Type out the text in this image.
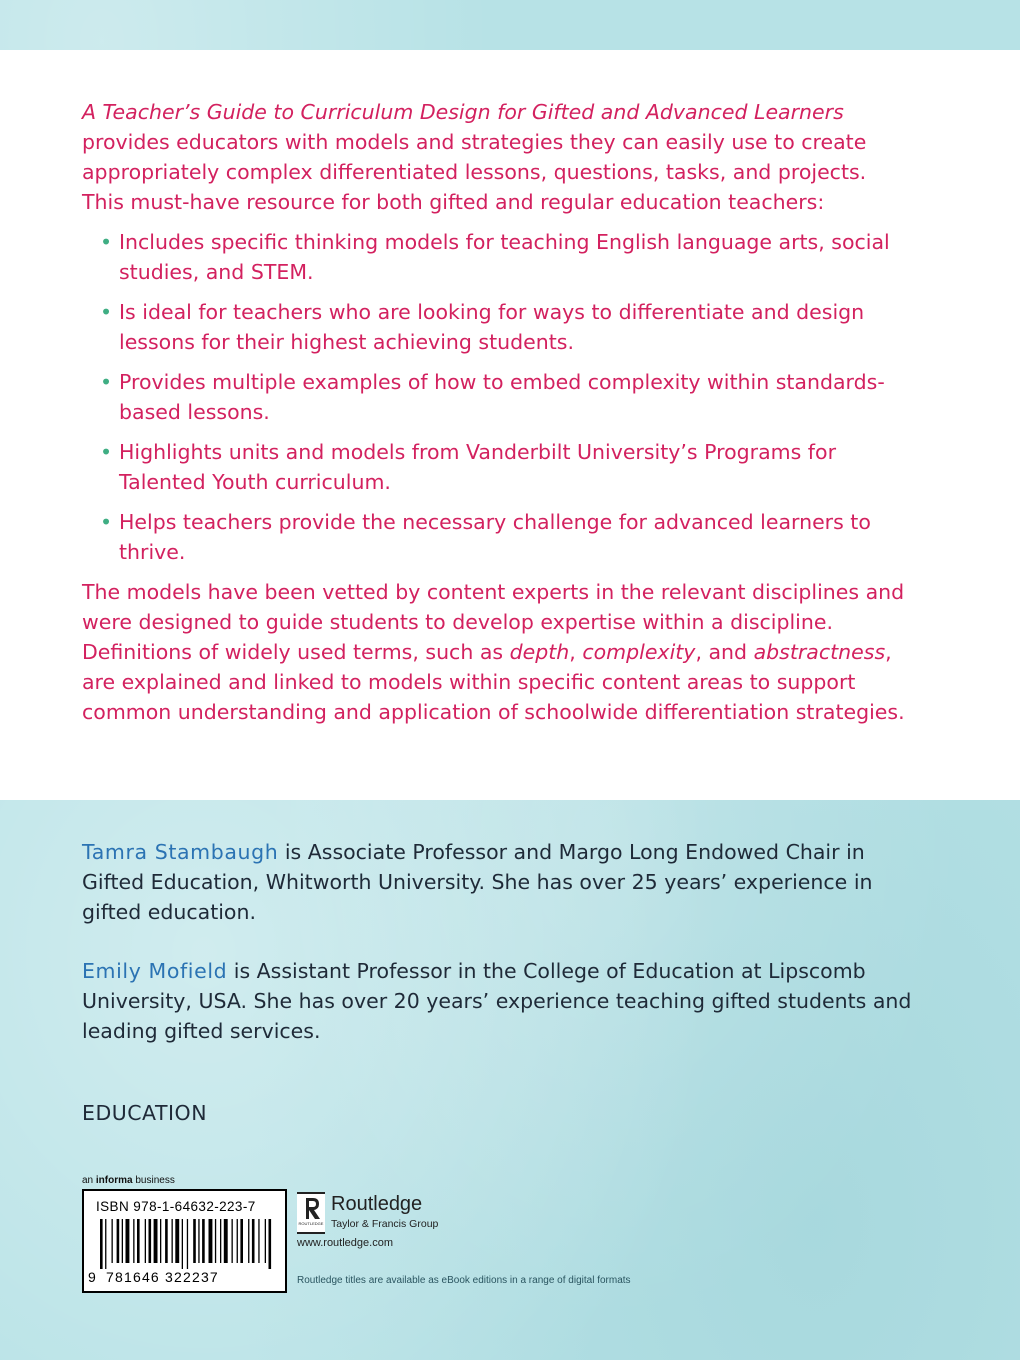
A Teacher’s Guide to Curriculum Design for Gifted and Advanced Learners provides educators with models and strategies they can easily use to create appropriately complex differentiated lessons, questions, tasks, and projects. This must-have resource for both gifted and regular education teachers:

• Includes specific thinking models for teaching English language arts, social studies, and STEM.
• Is ideal for teachers who are looking for ways to differentiate and design lessons for their highest achieving students.
• Provides multiple examples of how to embed complexity within standards-based lessons.
• Highlights units and models from Vanderbilt University’s Programs for Talented Youth curriculum.
• Helps teachers provide the necessary challenge for advanced learners to thrive.

The models have been vetted by content experts in the relevant disciplines and were designed to guide students to develop expertise within a discipline. Definitions of widely used terms, such as depth, complexity, and abstractness, are explained and linked to models within specific content areas to support common understanding and application of schoolwide differentiation strategies.

Tamra Stambaugh is Associate Professor and Margo Long Endowed Chair in Gifted Education, Whitworth University. She has over 25 years’ experience in gifted education.

Emily Mofield is Assistant Professor in the College of Education at Lipscomb University, USA. She has over 20 years’ experience teaching gifted students and leading gifted services.

EDUCATION
an informa business
ISBN 978-1-64632-223-7
9 781646 322237
ROUTLEDGE
Routledge
Taylor & Francis Group
www.routledge.com
Routledge titles are available as eBook editions in a range of digital formats
